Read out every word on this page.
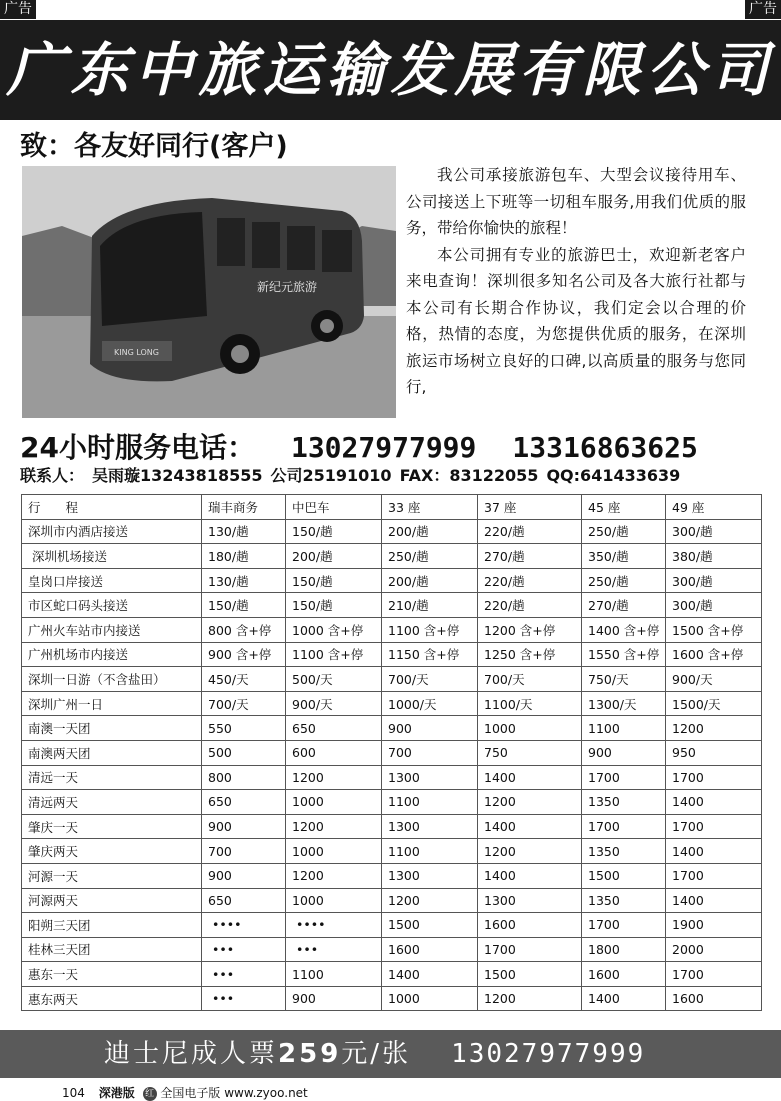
广告	广告
广东中旅运输发展有限公司
致：各友好同行(客户)
新纪元旅游
KING LONG

我公司承接旅游包车、大型会议接待用车、公司接送上下班等一切租车服务,用我们优质的服务，带给你愉快的旅程！

本公司拥有专业的旅游巴士，欢迎新老客户来电查询！深圳很多知名公司及各大旅行社都与本公司有长期合作协议，我们定会以合理的价格，热情的态度，为您提供优质的服务，在深圳旅运市场树立良好的口碑,以高质量的服务与您同行,

24小时服务电话： 13027977999 13316863625
联系人： 吴雨璇13243818555 公司25191010 FAX：83122055 QQ:641433639
行　　程	瑞丰商务	中巴车	33 座	37 座	45 座	49 座
深圳市内酒店接送	130/趟	150/趟	200/趟	220/趟	250/趟	300/趟
深圳机场接送	180/趟	200/趟	250/趟	270/趟	350/趟	380/趟
皇岗口岸接送	130/趟	150/趟	200/趟	220/趟	250/趟	300/趟
市区蛇口码头接送	150/趟	150/趟	210/趟	220/趟	270/趟	300/趟
广州火车站市内接送	800 含+停	1000 含+停	1100 含+停	1200 含+停	1400 含+停	1500 含+停
广州机场市内接送	900 含+停	1100 含+停	1150 含+停	1250 含+停	1550 含+停	1600 含+停
深圳一日游（不含盐田）	450/天	500/天	700/天	700/天	750/天	900/天
深圳广州一日	700/天	900/天	1000/天	1100/天	1300/天	1500/天
南澳一天团	550	650	900	1000	1100	1200
南澳两天团	500	600	700	750	900	950
清远一天	800	1200	1300	1400	1700	1700
清远两天	650	1000	1100	1200	1350	1400
肇庆一天	900	1200	1300	1400	1700	1700
肇庆两天	700	1000	1100	1200	1350	1400
河源一天	900	1200	1300	1400	1500	1700
河源两天	650	1000	1200	1300	1350	1400
阳朔三天团	••••	••••	1500	1600	1700	1900
桂林三天团	•••	•••	1600	1700	1800	2000
惠东一天	•••	1100	1400	1500	1600	1700
惠东两天	•••	900	1000	1200	1400	1600
迪士尼成人票259元/张 13027977999
104 深港版 红 全国电子版 www.zyoo.net
